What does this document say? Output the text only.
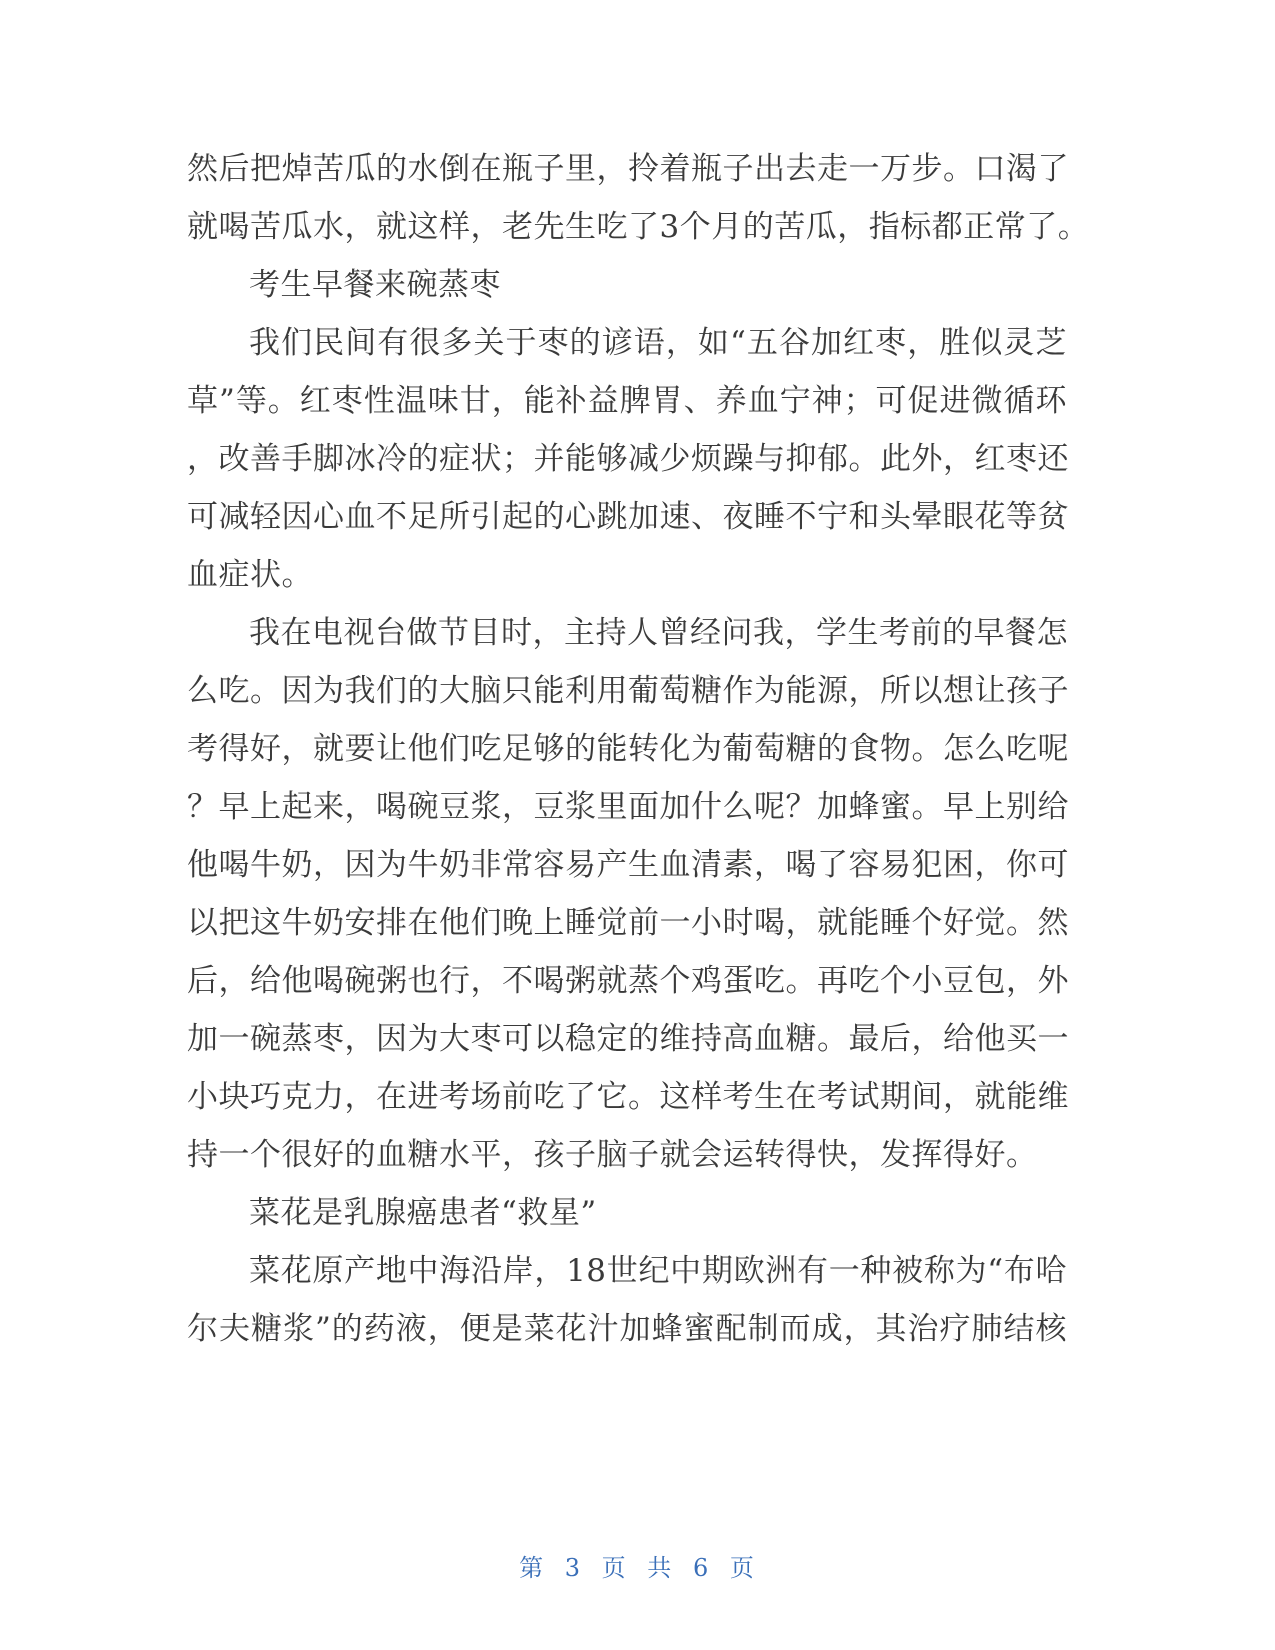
然后把焯苦瓜的水倒在瓶子里，拎着瓶子出去走一万步。口渴了
就喝苦瓜水，就这样，老先生吃了3个月的苦瓜，指标都正常了。
考生早餐来碗蒸枣
我们民间有很多关于枣的谚语，如“五谷加红枣，胜似灵芝
草”等。红枣性温味甘，能补益脾胃、养血宁神；可促进微循环
，改善手脚冰冷的症状；并能够减少烦躁与抑郁。此外，红枣还
可减轻因心血不足所引起的心跳加速、夜睡不宁和头晕眼花等贫
血症状。
我在电视台做节目时，主持人曾经问我，学生考前的早餐怎
么吃。因为我们的大脑只能利用葡萄糖作为能源，所以想让孩子
考得好，就要让他们吃足够的能转化为葡萄糖的食物。怎么吃呢
？早上起来，喝碗豆浆，豆浆里面加什么呢？加蜂蜜。早上别给
他喝牛奶，因为牛奶非常容易产生血清素，喝了容易犯困，你可
以把这牛奶安排在他们晚上睡觉前一小时喝，就能睡个好觉。然
后，给他喝碗粥也行，不喝粥就蒸个鸡蛋吃。再吃个小豆包，外
加一碗蒸枣，因为大枣可以稳定的维持高血糖。最后，给他买一
小块巧克力，在进考场前吃了它。这样考生在考试期间，就能维
持一个很好的血糖水平，孩子脑子就会运转得快，发挥得好。
菜花是乳腺癌患者“救星”
菜花原产地中海沿岸，18世纪中期欧洲有一种被称为“布哈
尔夫糖浆”的药液，便是菜花汁加蜂蜜配制而成，其治疗肺结核
第 3 页 共 6 页
